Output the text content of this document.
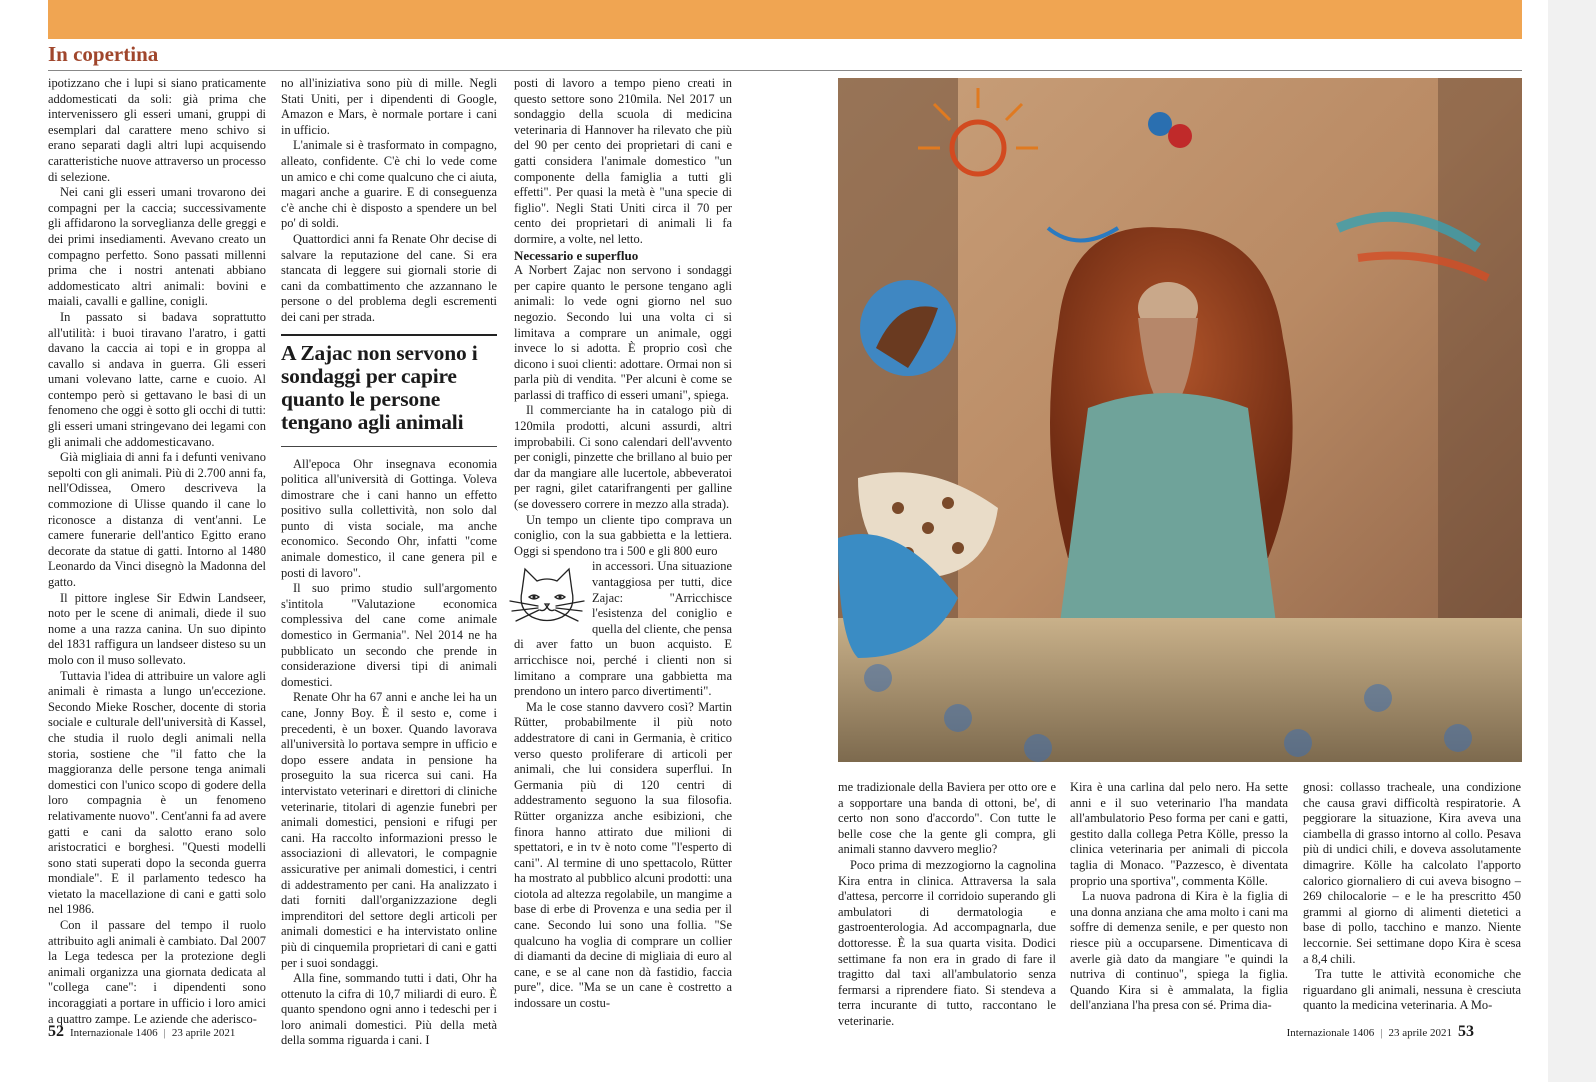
In copertina

ipotizzano che i lupi si siano praticamente addomesticati da soli: già prima che intervenissero gli esseri umani, gruppi di esemplari dal carattere meno schivo si erano separati dagli altri lupi acquisendo caratteristiche nuove attraverso un processo di selezione.

Nei cani gli esseri umani trovarono dei compagni per la caccia; successivamente gli affidarono la sorveglianza delle greggi e dei primi insediamenti. Avevano creato un compagno perfetto. Sono passati millenni prima che i nostri antenati abbiano addomesticato altri animali: bovini e maiali, cavalli e galline, conigli.

In passato si badava soprattutto all'utilità: i buoi tiravano l'aratro, i gatti davano la caccia ai topi e in groppa al cavallo si andava in guerra. Gli esseri umani volevano latte, carne e cuoio. Al contempo però si gettavano le basi di un fenomeno che oggi è sotto gli occhi di tutti: gli esseri umani stringevano dei legami con gli animali che addomesticavano.

Già migliaia di anni fa i defunti venivano sepolti con gli animali. Più di 2.700 anni fa, nell'Odissea, Omero descriveva la commozione di Ulisse quando il cane lo riconosce a distanza di vent'anni. Le camere funerarie dell'antico Egitto erano decorate da statue di gatti. Intorno al 1480 Leonardo da Vinci disegnò la Madonna del gatto.

Il pittore inglese Sir Edwin Landseer, noto per le scene di animali, diede il suo nome a una razza canina. Un suo dipinto del 1831 raffigura un landseer disteso su un molo con il muso sollevato.

Tuttavia l'idea di attribuire un valore agli animali è rimasta a lungo un'eccezione. Secondo Mieke Roscher, docente di storia sociale e culturale dell'università di Kassel, che studia il ruolo degli animali nella storia, sostiene che "il fatto che la maggioranza delle persone tenga animali domestici con l'unico scopo di godere della loro compagnia è un fenomeno relativamente nuovo". Cent'anni fa ad avere gatti e cani da salotto erano solo aristocratici e borghesi. "Questi modelli sono stati superati dopo la seconda guerra mondiale". E il parlamento tedesco ha vietato la macellazione di cani e gatti solo nel 1986.

Con il passare del tempo il ruolo attribuito agli animali è cambiato. Dal 2007 la Lega tedesca per la protezione degli animali organizza una giornata dedicata al "collega cane": i dipendenti sono incoraggiati a portare in ufficio i loro amici a quattro zampe. Le aziende che aderisco-

no all'iniziativa sono più di mille. Negli Stati Uniti, per i dipendenti di Google, Amazon e Mars, è normale portare i cani in ufficio.

L'animale si è trasformato in compagno, alleato, confidente. C'è chi lo vede come un amico e chi come qualcuno che ci aiuta, magari anche a guarire. E di conseguenza c'è anche chi è disposto a spendere un bel po' di soldi.

Quattordici anni fa Renate Ohr decise di salvare la reputazione del cane. Si era stancata di leggere sui giornali storie di cani da combattimento che azzannano le persone o del problema degli escrementi dei cani per strada.

A Zajac non servono i sondaggi per capire quanto le persone tengano agli animali

All'epoca Ohr insegnava economia politica all'università di Gottinga. Voleva dimostrare che i cani hanno un effetto positivo sulla collettività, non solo dal punto di vista sociale, ma anche economico. Secondo Ohr, infatti "come animale domestico, il cane genera pil e posti di lavoro".

Il suo primo studio sull'argomento s'intitola "Valutazione economica complessiva del cane come animale domestico in Germania". Nel 2014 ne ha pubblicato un secondo che prende in considerazione diversi tipi di animali domestici.

Renate Ohr ha 67 anni e anche lei ha un cane, Jonny Boy. È il sesto e, come i precedenti, è un boxer. Quando lavorava all'università lo portava sempre in ufficio e dopo essere andata in pensione ha proseguito la sua ricerca sui cani. Ha intervistato veterinari e direttori di cliniche veterinarie, titolari di agenzie funebri per animali domestici, pensioni e rifugi per cani. Ha raccolto informazioni presso le associazioni di allevatori, le compagnie assicurative per animali domestici, i centri di addestramento per cani. Ha analizzato i dati forniti dall'organizzazione degli imprenditori del settore degli articoli per animali domestici e ha intervistato online più di cinquemila proprietari di cani e gatti per i suoi sondaggi.

Alla fine, sommando tutti i dati, Ohr ha ottenuto la cifra di 10,7 miliardi di euro. È quanto spendono ogni anno i tedeschi per i loro animali domestici. Più della metà della somma riguarda i cani. I

posti di lavoro a tempo pieno creati in questo settore sono 210mila. Nel 2017 un sondaggio della scuola di medicina veterinaria di Hannover ha rilevato che più del 90 per cento dei proprietari di cani e gatti considera l'animale domestico "un componente della famiglia a tutti gli effetti". Per quasi la metà è "una specie di figlio". Negli Stati Uniti circa il 70 per cento dei proprietari di animali li fa dormire, a volte, nel letto.

Necessario e superfluo

A Norbert Zajac non servono i sondaggi per capire quanto le persone tengano agli animali: lo vede ogni giorno nel suo negozio. Secondo lui una volta ci si limitava a comprare un animale, oggi invece lo si adotta. È proprio così che dicono i suoi clienti: adottare. Ormai non si parla più di vendita. "Per alcuni è come se parlassi di traffico di esseri umani", spiega.

Il commerciante ha in catalogo più di 120mila prodotti, alcuni assurdi, altri improbabili. Ci sono calendari dell'avvento per conigli, pinzette che brillano al buio per dar da mangiare alle lucertole, abbeveratoi per ragni, gilet catarifrangenti per galline (se dovessero correre in mezzo alla strada).

Un tempo un cliente tipo comprava un coniglio, con la sua gabbietta e la lettiera. Oggi si spendono tra i 500 e gli 800 euro

in accessori. Una situazione vantaggiosa per tutti, dice Zajac: "Arricchisce l'esistenza del coniglio e quella del cliente, che pensa di aver fatto un buon acquisto. E arricchisce noi, perché i clienti non si limitano a comprare una gabbietta ma prendono un intero parco divertimenti".

Ma le cose stanno davvero così? Martin Rütter, probabilmente il più noto addestratore di cani in Germania, è critico verso questo proliferare di articoli per animali, che lui considera superflui. In Germania più di 120 centri di addestramento seguono la sua filosofia. Rütter organizza anche esibizioni, che finora hanno attirato due milioni di spettatori, e in tv è noto come "l'esperto di cani". Al termine di uno spettacolo, Rütter ha mostrato al pubblico alcuni prodotti: una ciotola ad altezza regolabile, un mangime a base di erbe di Provenza e una sedia per il cane. Secondo lui sono una follia. "Se qualcuno ha voglia di comprare un collier di diamanti da decine di migliaia di euro al cane, e se al cane non dà fastidio, faccia pure", dice. "Ma se un cane è costretto a indossare un costu-

me tradizionale della Baviera per otto ore e a sopportare una banda di ottoni, be', di certo non sono d'accordo". Con tutte le belle cose che la gente gli compra, gli animali stanno davvero meglio?

Poco prima di mezzogiorno la cagnolina Kira entra in clinica. Attraversa la sala d'attesa, percorre il corridoio superando gli ambulatori di dermatologia e gastroenterologia. Ad accompagnarla, due dottoresse. È la sua quarta visita. Dodici settimane fa non era in grado di fare il tragitto dal taxi all'ambulatorio senza fermarsi a riprendere fiato. Si stendeva a terra incurante di tutto, raccontano le veterinarie.

Kira è una carlina dal pelo nero. Ha sette anni e il suo veterinario l'ha mandata all'ambulatorio Peso forma per cani e gatti, gestito dalla collega Petra Kölle, presso la clinica veterinaria per animali di piccola taglia di Monaco. "Pazzesco, è diventata proprio una sportiva", commenta Kölle.

La nuova padrona di Kira è la figlia di una donna anziana che ama molto i cani ma soffre di demenza senile, e per questo non riesce più a occuparsene. Dimenticava di averle già dato da mangiare "e quindi la nutriva di continuo", spiega la figlia. Quando Kira si è ammalata, la figlia dell'anziana l'ha presa con sé. Prima dia-

gnosi: collasso tracheale, una condizione che causa gravi difficoltà respiratorie. A peggiorare la situazione, Kira aveva una ciambella di grasso intorno al collo. Pesava più di undici chili, e doveva assolutamente dimagrire. Kölle ha calcolato l'apporto calorico giornaliero di cui aveva bisogno – 269 chilocalorie – e le ha prescritto 450 grammi al giorno di alimenti dietetici a base di pollo, tacchino e manzo. Niente leccornie. Sei settimane dopo Kira è scesa a 8,4 chili.

Tra tutte le attività economiche che riguardano gli animali, nessuna è cresciuta quanto la medicina veterinaria. A Mo-

52 Internazionale 1406 | 23 aprile 2021	Internazionale 1406 | 23 aprile 2021 53
